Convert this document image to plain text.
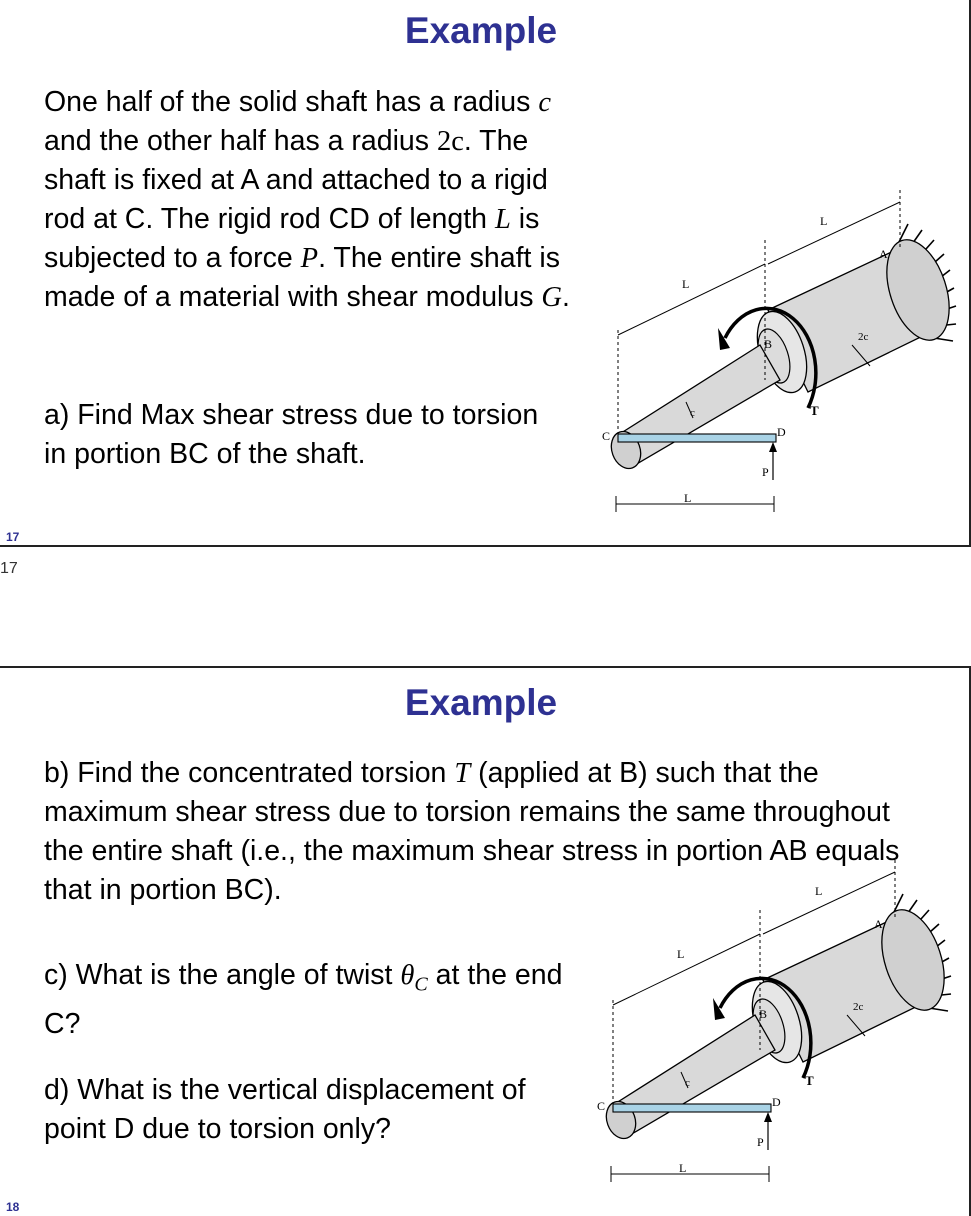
Example

One half of the solid shaft has a radius c and the other half has a radius 2c. The shaft is fixed at A and attached to a rigid rod at C. The rigid rod CD of length L is subjected to a force P. The entire shaft is made of a material with shear modulus G.

a) Find Max shear stress due to torsion in portion BC of the shaft.

A
B
C	D
T
P
L
L
L
c
2c
17
17
Example

b) Find the concentrated torsion T (applied at B) such that the maximum shear stress due to torsion remains the same throughout the entire shaft (i.e., the maximum shear stress in portion AB equals that in portion BC).

c) What is the angle of twist $\theta_C$ at the end C?

d) What is the vertical displacement of point D due to torsion only?

A
B
C	D
T
P
L
L
L
c
2c
18
